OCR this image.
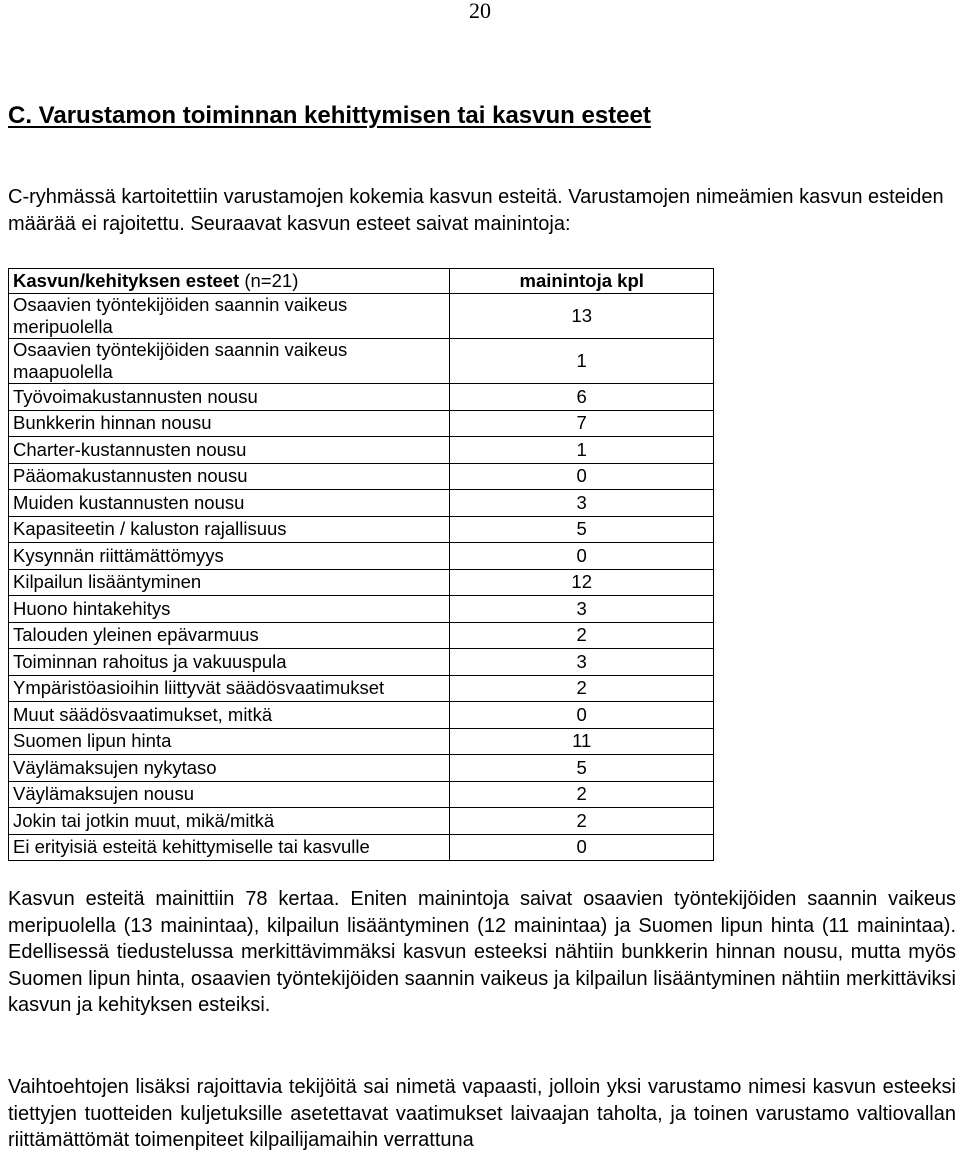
20
C. Varustamon toiminnan kehittymisen tai kasvun esteet
C-ryhmässä kartoitettiin varustamojen kokemia kasvun esteitä. Varustamojen nimeämien kasvun esteiden määrää ei rajoitettu. Seuraavat kasvun esteet saivat mainintoja:
Kasvun/kehityksen esteet (n=21)	mainintoja kpl
Osaavien työntekijöiden saannin vaikeus meripuolella	13
Osaavien työntekijöiden saannin vaikeus maapuolella	1
Työvoimakustannusten nousu	6
Bunkkerin hinnan nousu	7
Charter-kustannusten nousu	1
Pääomakustannusten nousu	0
Muiden kustannusten nousu	3
Kapasiteetin / kaluston rajallisuus	5
Kysynnän riittämättömyys	0
Kilpailun lisääntyminen	12
Huono hintakehitys	3
Talouden yleinen epävarmuus	2
Toiminnan rahoitus ja vakuuspula	3
Ympäristöasioihin liittyvät säädösvaatimukset	2
Muut säädösvaatimukset, mitkä	0
Suomen lipun hinta	11
Väylämaksujen nykytaso	5
Väylämaksujen nousu	2
Jokin tai jotkin muut, mikä/mitkä	2
Ei erityisiä esteitä kehittymiselle tai kasvulle	0
Kasvun esteitä mainittiin 78 kertaa. Eniten mainintoja saivat osaavien työntekijöiden saannin vaikeus meripuolella (13 mainintaa), kilpailun lisääntyminen (12 mainintaa) ja Suomen lipun hinta (11 mainintaa). Edellisessä tiedustelussa merkittävimmäksi kasvun esteeksi nähtiin bunkkerin hinnan nousu, mutta myös Suomen lipun hinta, osaavien työntekijöiden saannin vaikeus ja kilpailun lisääntyminen nähtiin merkittäviksi kasvun ja kehityksen esteiksi.
Vaihtoehtojen lisäksi rajoittavia tekijöitä sai nimetä vapaasti, jolloin yksi varustamo nimesi kasvun esteeksi tiettyjen tuotteiden kuljetuksille asetettavat vaatimukset laivaajan taholta, ja toinen varustamo valtiovallan riittämättömät toimenpiteet kilpailijamaihin verrattuna
